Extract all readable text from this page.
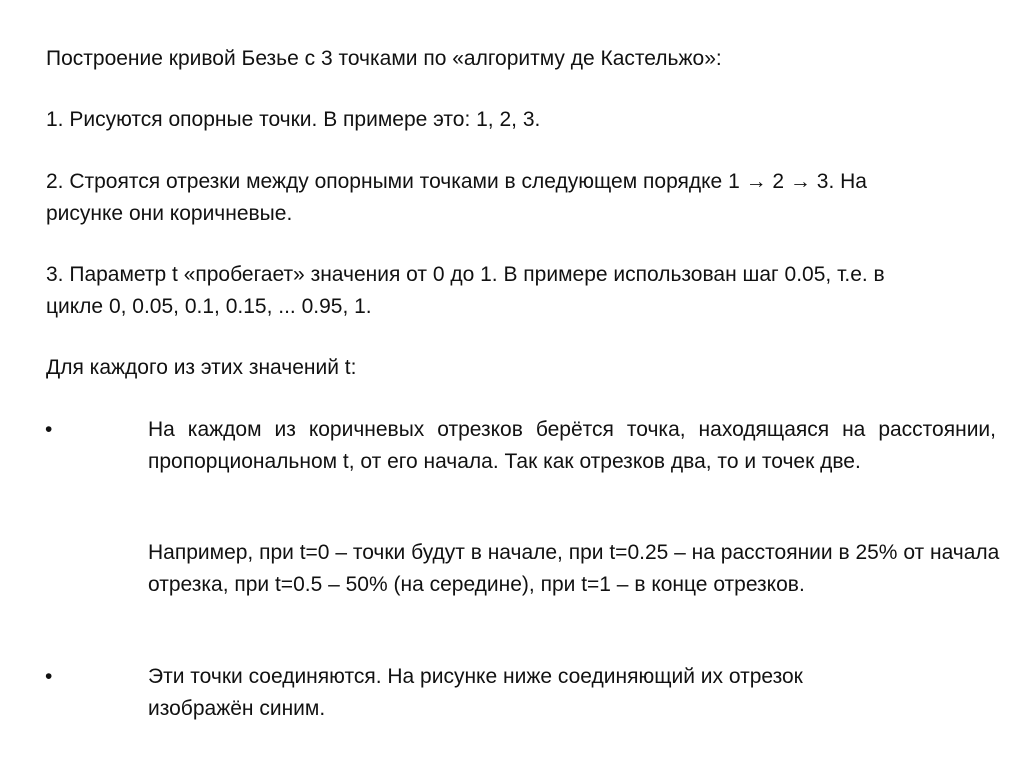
Построение кривой Безье с 3 точками по «алгоритму де Кастельжо»:

1. Рисуются опорные точки. В примере это: 1, 2, 3.

2. Строятся отрезки между опорными точками в следующем порядке 1 → 2 → 3. На

рисунке они коричневые.

3. Параметр t «пробегает» значения от 0 до 1. В примере использован шаг 0.05, т.е. в

цикле 0, 0.05, 0.1, 0.15, ... 0.95, 1.

Для каждого из этих значений t:

•	На каждом из коричневых отрезков берётся точка, находящаяся на расстоянии, пропорциональном t, от его начала. Так как отрезков два, то и точек две.

Например, при t=0 – точки будут в начале, при t=0.25 – на расстоянии в 25% от начала отрезка, при t=0.5 – 50% (на середине), при t=1 – в конце отрезков.

•	Эти точки соединяются. На рисунке ниже соединяющий их отрезок изображён синим.
